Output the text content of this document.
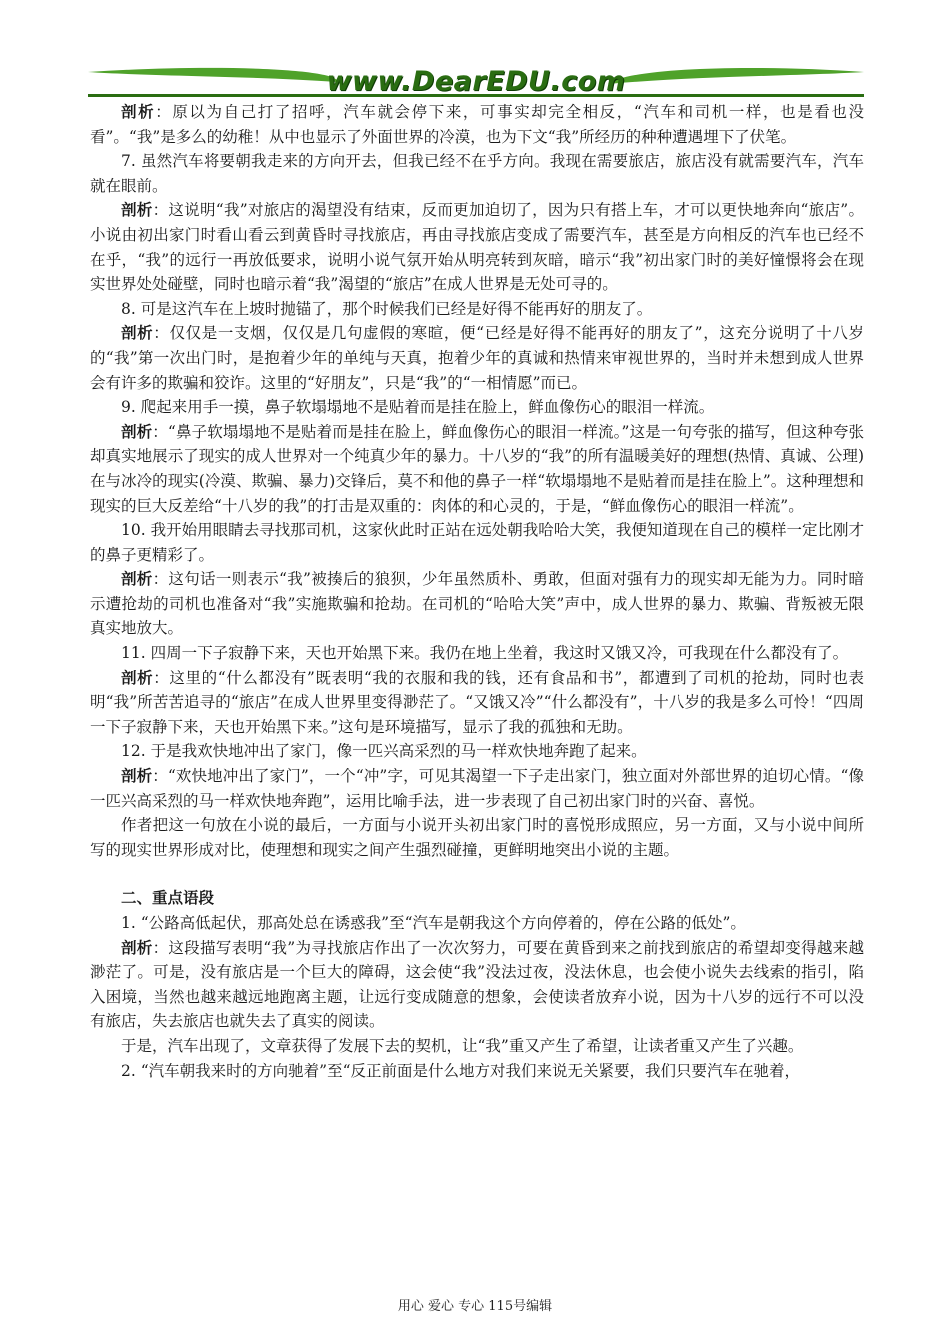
www.DearEDU.com

剖析：原以为自己打了招呼，汽车就会停下来，可事实却完全相反，“汽车和司机一样，也是看也没看”。“我”是多么的幼稚！从中也显示了外面世界的冷漠，也为下文“我”所经历的种种遭遇埋下了伏笔。

7. 虽然汽车将要朝我走来的方向开去，但我已经不在乎方向。我现在需要旅店，旅店没有就需要汽车，汽车就在眼前。

剖析：这说明“我”对旅店的渴望没有结束，反而更加迫切了，因为只有搭上车，才可以更快地奔向“旅店”。小说由初出家门时看山看云到黄昏时寻找旅店，再由寻找旅店变成了需要汽车，甚至是方向相反的汽车也已经不在乎，“我”的远行一再放低要求，说明小说气氛开始从明亮转到灰暗，暗示“我”初出家门时的美好憧憬将会在现实世界处处碰壁，同时也暗示着“我”渴望的“旅店”在成人世界是无处可寻的。

8. 可是这汽车在上坡时抛锚了，那个时候我们已经是好得不能再好的朋友了。

剖析：仅仅是一支烟，仅仅是几句虚假的寒暄，便“已经是好得不能再好的朋友了”，这充分说明了十八岁的“我”第一次出门时，是抱着少年的单纯与天真，抱着少年的真诚和热情来审视世界的，当时并未想到成人世界会有许多的欺骗和狡诈。这里的“好朋友”，只是“我”的“一相情愿”而已。

9. 爬起来用手一摸，鼻子软塌塌地不是贴着而是挂在脸上，鲜血像伤心的眼泪一样流。

剖析：“鼻子软塌塌地不是贴着而是挂在脸上，鲜血像伤心的眼泪一样流。”这是一句夸张的描写，但这种夸张却真实地展示了现实的成人世界对一个纯真少年的暴力。十八岁的“我”的所有温暖美好的理想(热情、真诚、公理)在与冰冷的现实(冷漠、欺骗、暴力)交锋后，莫不和他的鼻子一样“软塌塌地不是贴着而是挂在脸上”。这种理想和现实的巨大反差给“十八岁的我”的打击是双重的：肉体的和心灵的，于是，“鲜血像伤心的眼泪一样流”。

10. 我开始用眼睛去寻找那司机，这家伙此时正站在远处朝我哈哈大笑，我便知道现在自己的模样一定比刚才的鼻子更精彩了。

剖析：这句话一则表示“我”被揍后的狼狈，少年虽然质朴、勇敢，但面对强有力的现实却无能为力。同时暗示遭抢劫的司机也准备对“我”实施欺骗和抢劫。在司机的“哈哈大笑”声中，成人世界的暴力、欺骗、背叛被无限真实地放大。

11. 四周一下子寂静下来，天也开始黑下来。我仍在地上坐着，我这时又饿又冷，可我现在什么都没有了。

剖析：这里的“什么都没有”既表明“我的衣服和我的钱，还有食品和书”，都遭到了司机的抢劫，同时也表明“我”所苦苦追寻的“旅店”在成人世界里变得渺茫了。“又饿又冷”“什么都没有”，十八岁的我是多么可怜！“四周一下子寂静下来，天也开始黑下来。”这句是环境描写，显示了我的孤独和无助。

12. 于是我欢快地冲出了家门，像一匹兴高采烈的马一样欢快地奔跑了起来。

剖析：“欢快地冲出了家门”，一个“冲”字，可见其渴望一下子走出家门，独立面对外部世界的迫切心情。“像一匹兴高采烈的马一样欢快地奔跑”，运用比喻手法，进一步表现了自己初出家门时的兴奋、喜悦。

作者把这一句放在小说的最后，一方面与小说开头初出家门时的喜悦形成照应，另一方面，又与小说中间所写的现实世界形成对比，使理想和现实之间产生强烈碰撞，更鲜明地突出小说的主题。

二、重点语段

1. “公路高低起伏，那高处总在诱惑我”至“汽车是朝我这个方向停着的，停在公路的低处”。

剖析：这段描写表明“我”为寻找旅店作出了一次次努力，可要在黄昏到来之前找到旅店的希望却变得越来越渺茫了。可是，没有旅店是一个巨大的障碍，这会使“我”没法过夜，没法休息，也会使小说失去线索的指引，陷入困境，当然也越来越远地跑离主题，让远行变成随意的想象，会使读者放弃小说，因为十八岁的远行不可以没有旅店，失去旅店也就失去了真实的阅读。

于是，汽车出现了，文章获得了发展下去的契机，让“我”重又产生了希望，让读者重又产生了兴趣。

2. “汽车朝我来时的方向驰着”至“反正前面是什么地方对我们来说无关紧要，我们只要汽车在驰着，

用心 爱心 专心 115号编辑
